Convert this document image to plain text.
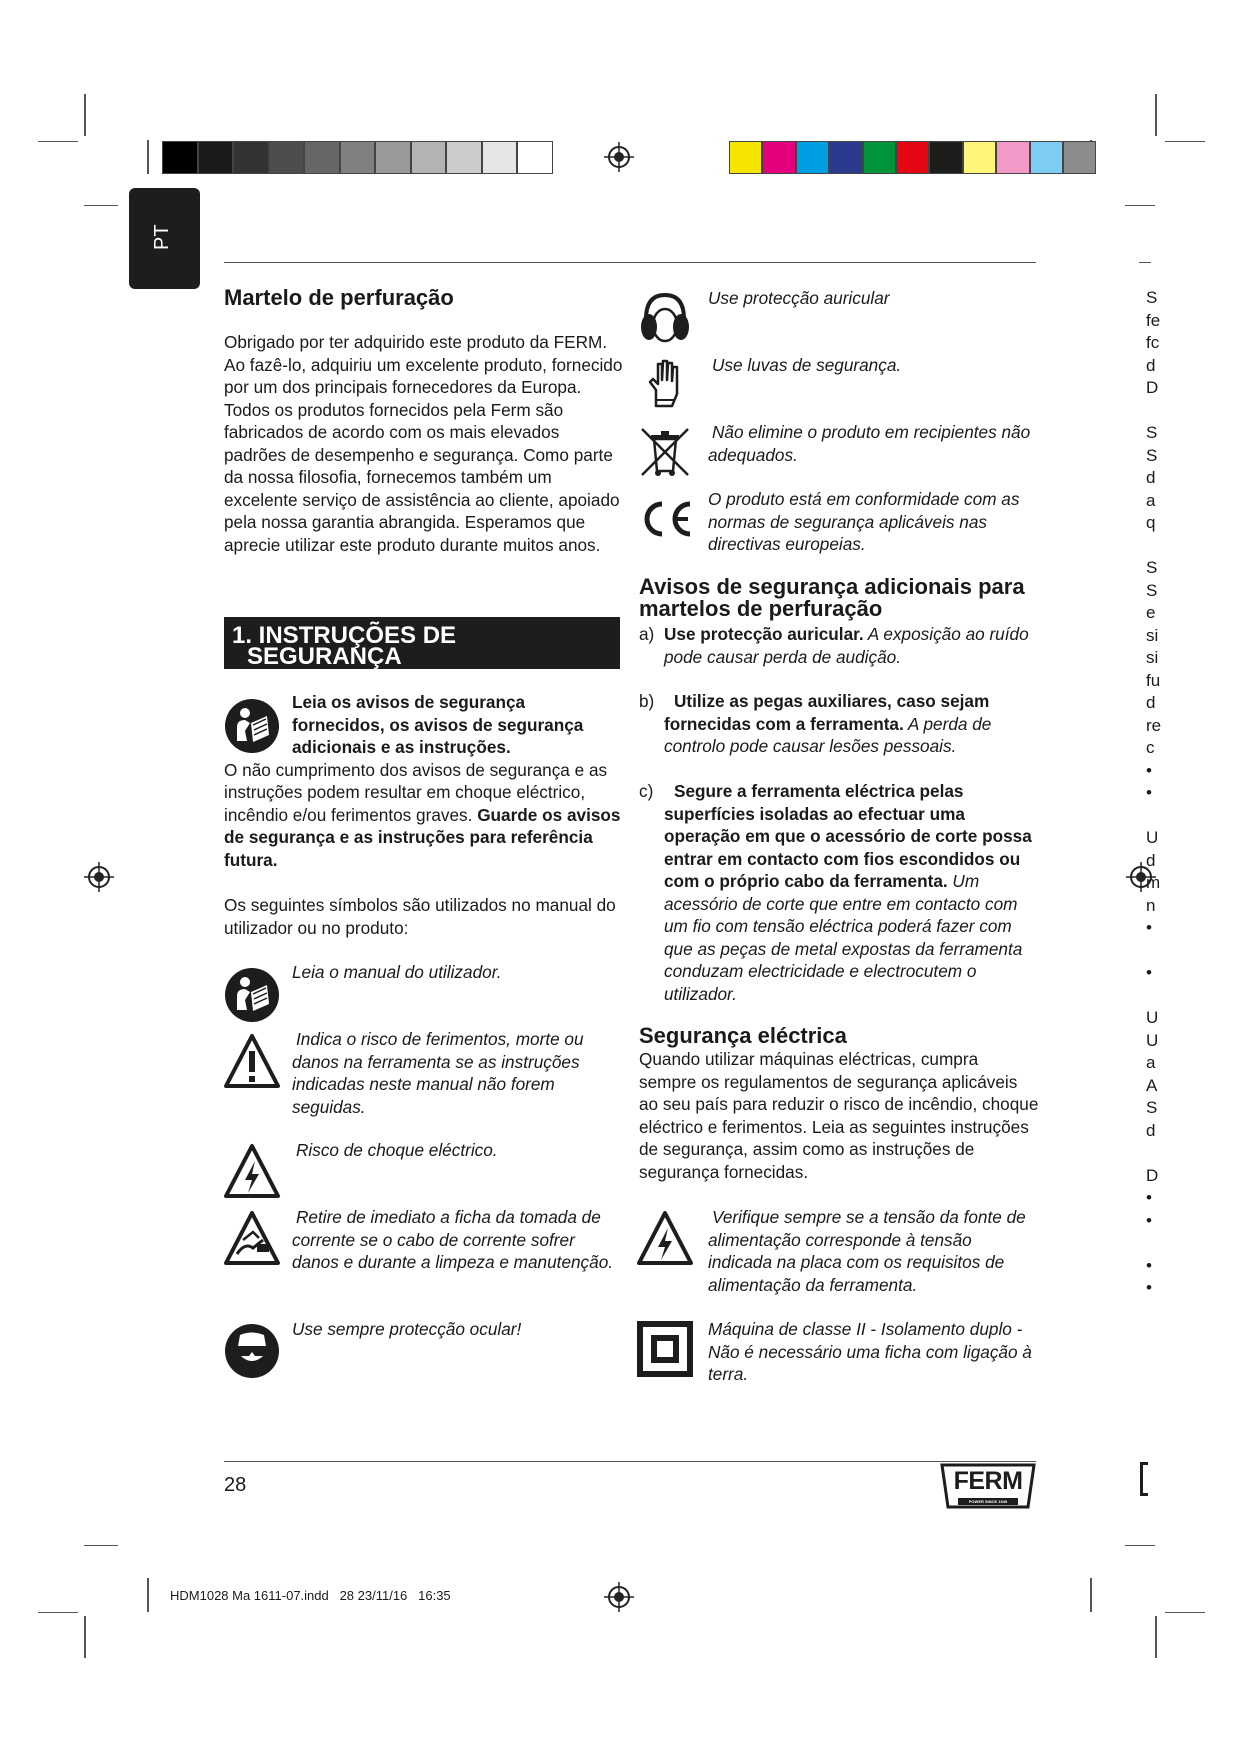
PT
Martelo de perfuração

Obrigado por ter adquirido este produto da FERM. Ao fazê-lo, adquiriu um excelente produto, fornecido por um dos principais fornecedores da Europa. Todos os produtos fornecidos pela Ferm são fabricados de acordo com os mais elevados padrões de desempenho e segurança. Como parte da nossa filosofia, fornecemos também um excelente serviço de assistência ao cliente, apoiado pela nossa garantia abrangida. Esperamos que aprecie utilizar este produto durante muitos anos.

1. INSTRUÇÕES DE
SEGURANÇA

Leia os avisos de segurança fornecidos, os avisos de segurança adicionais e as instruções. O não cumprimento dos avisos de segurança e as instruções podem resultar em choque eléctrico, incêndio e/ou ferimentos graves. Guarde os avisos de segurança e as instruções para referência futura.

Os seguintes símbolos são utilizados no manual do utilizador ou no produto:

Leia o manual do utilizador.
Indica o risco de ferimentos, morte ou danos na ferramenta se as instruções indicadas neste manual não forem seguidas.
Risco de choque eléctrico.
Retire de imediato a ficha da tomada de corrente se o cabo de corrente sofrer danos e durante a limpeza e manutenção.
Use sempre protecção ocular!
Use protecção auricular
Use luvas de segurança.
Não elimine o produto em recipientes não adequados.
O produto está em conformidade com as normas de segurança aplicáveis nas directivas europeias.
Avisos de segurança adicionais para martelos de perfuração
a) Use protecção auricular. A exposição ao ruído pode causar perda de audição.
b)	Utilize as pegas auxiliares, caso sejam fornecidas com a ferramenta. A perda de controlo pode causar lesões pessoais.
c)	Segure a ferramenta eléctrica pelas superfícies isoladas ao efectuar uma operação em que o acessório de corte possa entrar em contacto com fios escondidos ou com o próprio cabo da ferramenta. Um acessório de corte que entre em contacto com um fio com tensão eléctrica poderá fazer com que as peças de metal expostas da ferramenta conduzam electricidade e electrocutem o utilizador.
Segurança eléctrica

Quando utilizar máquinas eléctricas, cumpra sempre os regulamentos de segurança aplicáveis ao seu país para reduzir o risco de incêndio, choque eléctrico e ferimentos. Leia as seguintes instruções de segurança, assim como as instruções de segurança fornecidas.

Verifique sempre se a tensão da fonte de alimentação corresponde à tensão indicada na placa com os requisitos de alimentação da ferramenta.
Máquina de classe II - Isolamento duplo - Não é necessário uma ficha com ligação à terra.
S
fe
fc
d
D
S
S
d
a
q
S
S
e
si
si
fu
d
re
c
•
•
U
d
m
n
•
•
U
U
a
A
S
d
D
•
•
•
•
28	FERM
POWER SINCE 1949
HDM1028 Ma 1611-07.indd   28 23/11/16   16:35
